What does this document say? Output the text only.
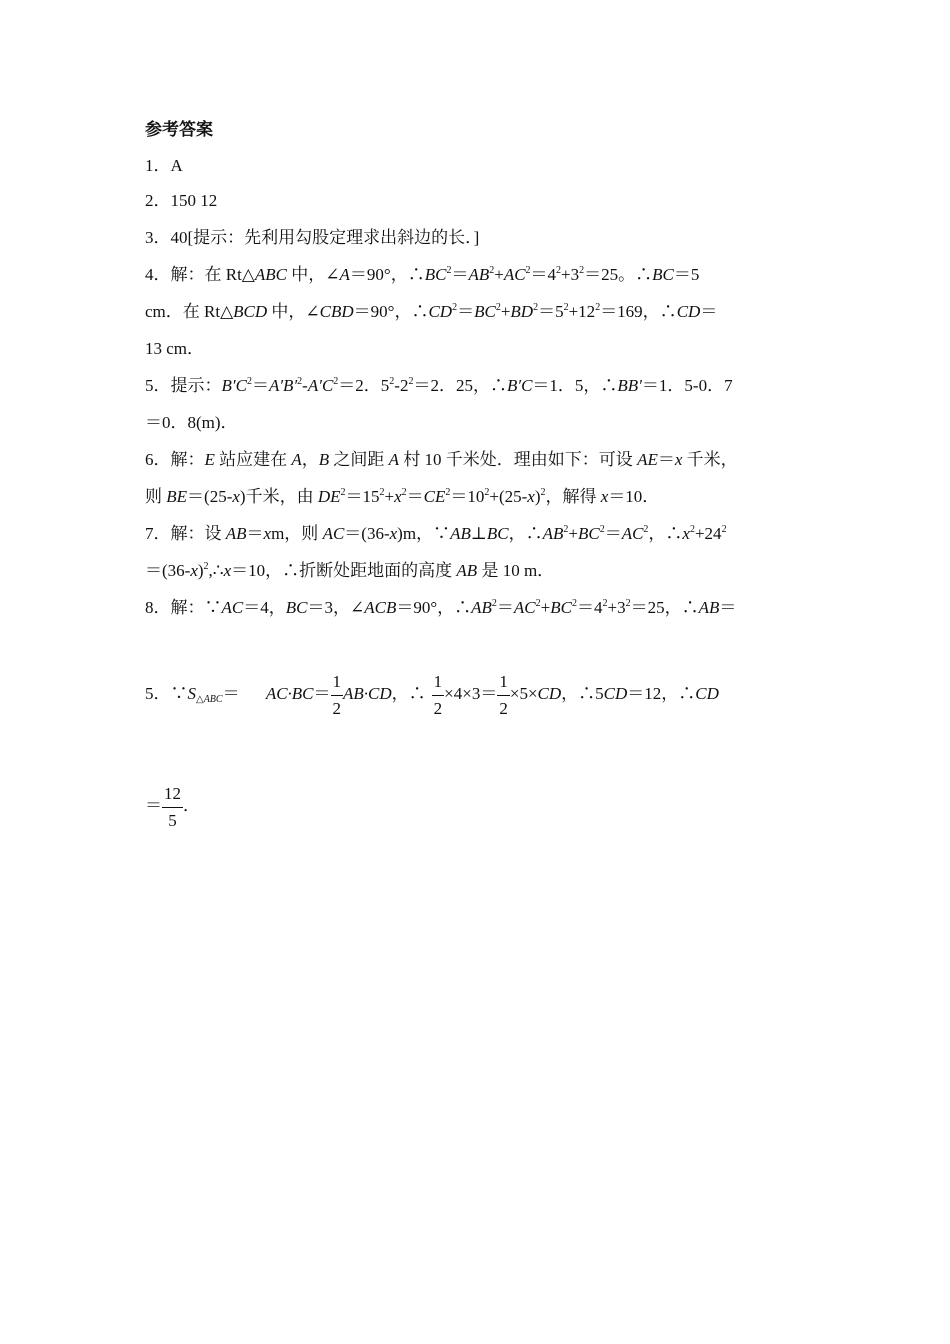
参考答案
1．A
2．150 12
3．40[提示：先利用勾股定理求出斜边的长．]
4．解：在 Rt△ABC 中，∠A＝90°，$\therefore BC^2=AB^2+AC^2=4^2+3^2=25$。∴BC＝5
cm．在 Rt△BCD 中，∠CBD＝90°，$\therefore CD^2=BC^2+BD^2=5^2+12^2=169$，∴CD＝
13 cm．
5．提示：$B'C^2=A'B'^2-A'C^2=2$．$5^2-2^2=2$．25，∴B′C＝1．5，∴BB′＝1．5-0．7
＝0．8(m)．
6．解：E 站应建在 A，B 之间距 A 村 10 千米处．理由如下：可设 AE＝x 千米，
则 BE＝(25-x)千米，由 $DE^2=15^2+x^2=CE^2=10^2+(25-x)^2$，解得 x＝10．
7．解：设 AB＝xm，则 AC＝(36-x)m，∵AB⊥BC，$\therefore AB^2+BC^2=AC^2$，$\therefore x^2+24^2$
$=(36-x)^2,\therefore x=10$，∴折断处距地面的高度 AB 是 10 m．
8．解：∵AC＝4，BC＝3，∠ACB＝90°，$\therefore AB^2=AC^2+BC^2=4^2+3^2=25$，∴AB＝
5．$\because S_{\triangle ABC}= AC\cdot BC= \frac{1}{2} AB\cdot CD$，∴ $\frac{1}{2} \times 4\times 3= \frac{1}{2} \times 5\times CD$，∴5CD＝12，∴CD
＝ $\frac{12}{5}$ ．
